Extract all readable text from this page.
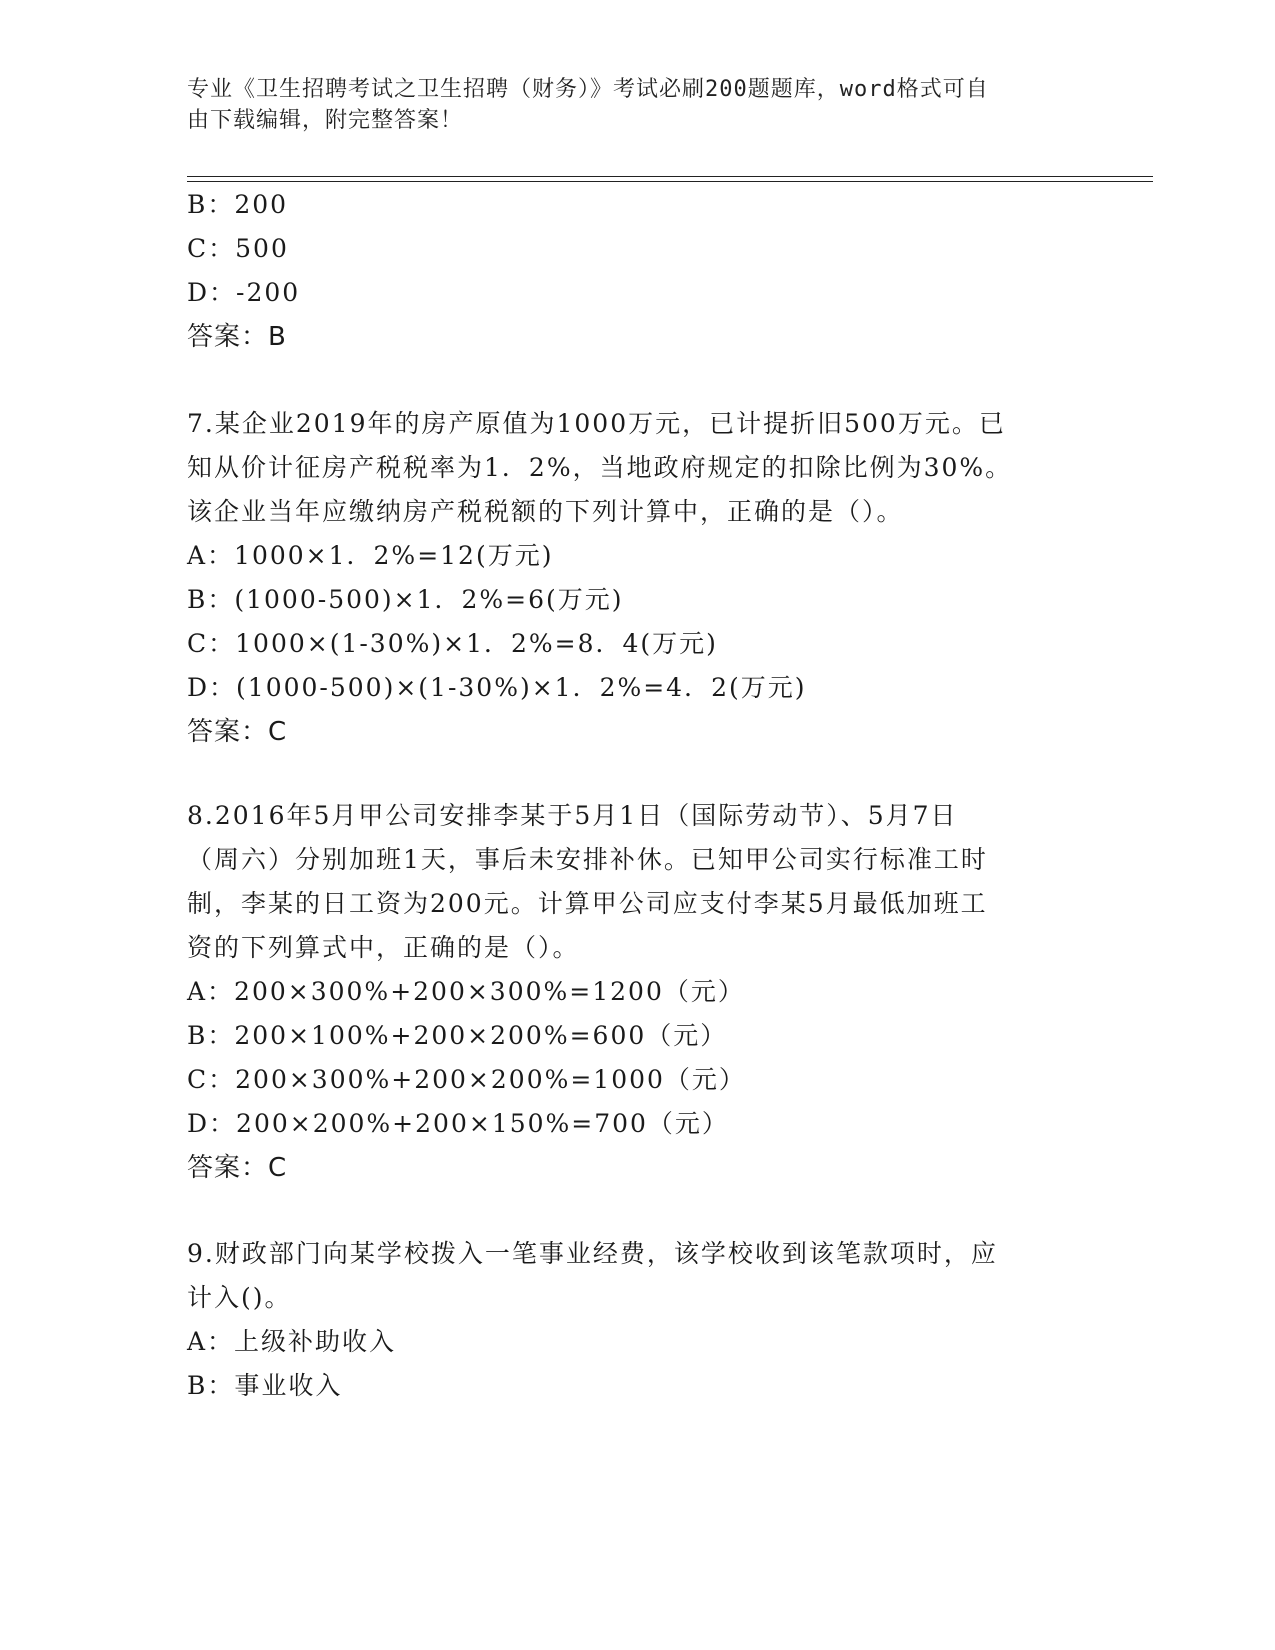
专业《卫生招聘考试之卫生招聘（财务）》考试必刷200题题库，word格式可自
由下载编辑，附完整答案！
B：200
C：500
D：-200
答案：B
7.某企业2019年的房产原值为1000万元，已计提折旧500万元。已
知从价计征房产税税率为1．2%，当地政府规定的扣除比例为30%。
该企业当年应缴纳房产税税额的下列计算中，正确的是（）。
A：1000×1．2%=12(万元)
B：(1000-500)×1．2%=6(万元)
C：1000×(1-30%)×1．2%=8．4(万元)
D：(1000-500)×(1-30%)×1．2%=4．2(万元)
答案：C
8.2016年5月甲公司安排李某于5月1日（国际劳动节）、5月7日
（周六）分别加班1天，事后未安排补休。已知甲公司实行标准工时
制，李某的日工资为200元。计算甲公司应支付李某5月最低加班工
资的下列算式中，正确的是（）。
A：200×300%+200×300%=1200（元）
B：200×100%+200×200%=600（元）
C：200×300%+200×200%=1000（元）
D：200×200%+200×150%=700（元）
答案：C
9.财政部门向某学校拨入一笔事业经费，该学校收到该笔款项时，应
计入()。
A：上级补助收入
B：事业收入
